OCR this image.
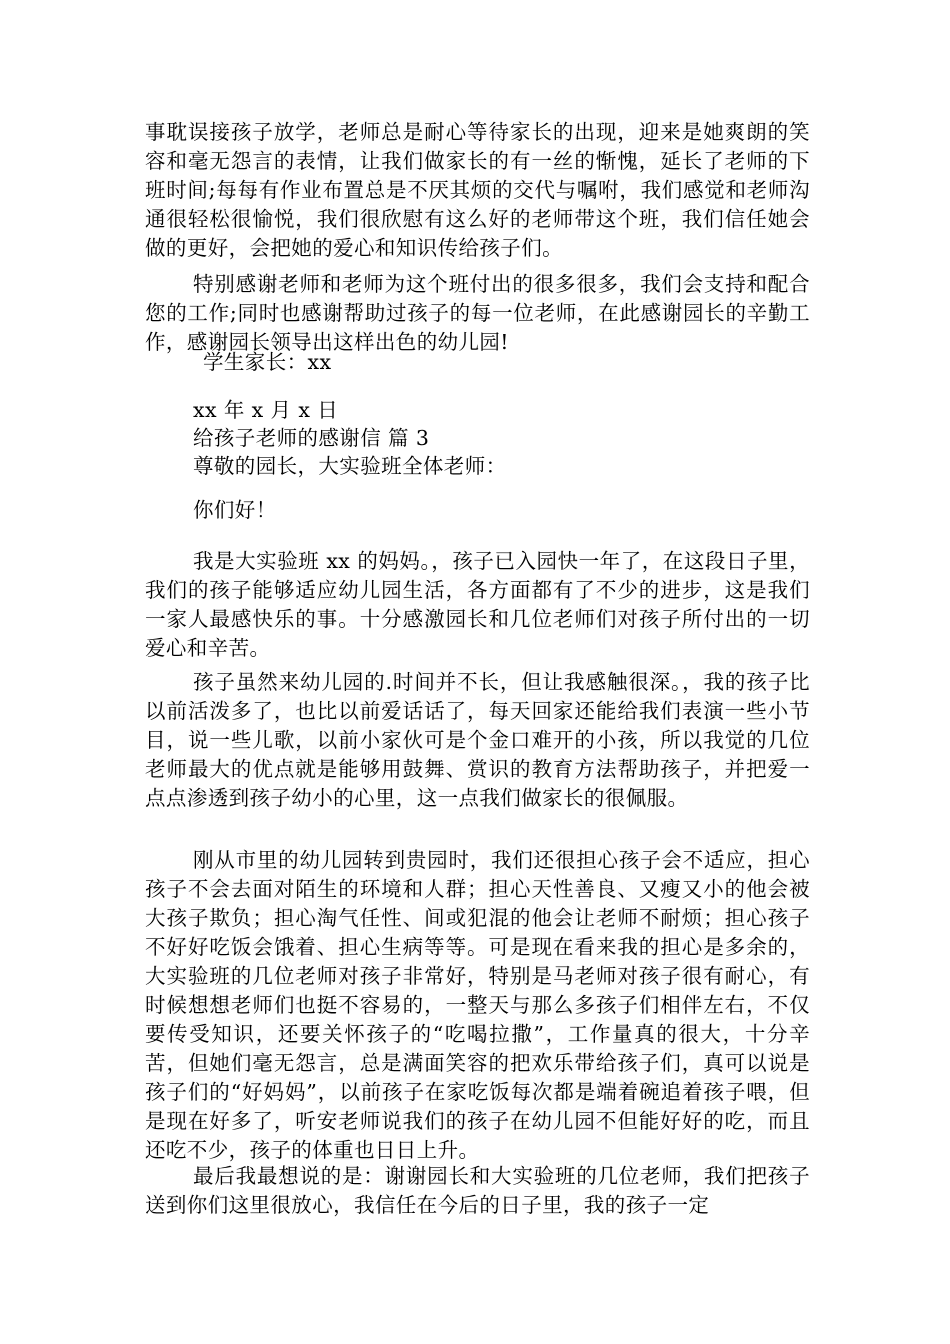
事耽误接孩子放学，老师总是耐心等待家长的出现，迎来是她爽朗的笑容和毫无怨言的表情，让我们做家长的有一丝的惭愧，延长了老师的下班时间;每每有作业布置总是不厌其烦的交代与嘱咐，我们感觉和老师沟通很轻松很愉悦，我们很欣慰有这么好的老师带这个班，我们信任她会做的更好，会把她的爱心和知识传给孩子们。
特别感谢老师和老师为这个班付出的很多很多，我们会支持和配合您的工作;同时也感谢帮助过孩子的每一位老师，在此感谢园长的辛勤工作，感谢园长领导出这样出色的幼儿园!
学生家长：xx
xx 年 x 月 x 日
给孩子老师的感谢信 篇 3
尊敬的园长，大实验班全体老师：
你们好！
我是大实验班 xx 的妈妈。，孩子已入园快一年了，在这段日子里，我们的孩子能够适应幼儿园生活，各方面都有了不少的进步，这是我们一家人最感快乐的事。十分感激园长和几位老师们对孩子所付出的一切爱心和辛苦。
孩子虽然来幼儿园的.时间并不长，但让我感触很深。，我的孩子比以前活泼多了，也比以前爱话话了，每天回家还能给我们表演一些小节目，说一些儿歌，以前小家伙可是个金口难开的小孩，所以我觉的几位老师最大的优点就是能够用鼓舞、赏识的教育方法帮助孩子，并把爱一点点渗透到孩子幼小的心里，这一点我们做家长的很佩服。
刚从市里的幼儿园转到贵园时，我们还很担心孩子会不适应，担心孩子不会去面对陌生的环境和人群；担心天性善良、又瘦又小的他会被大孩子欺负；担心淘气任性、间或犯混的他会让老师不耐烦；担心孩子不好好吃饭会饿着、担心生病等等。可是现在看来我的担心是多余的，大实验班的几位老师对孩子非常好，特别是马老师对孩子很有耐心，有时候想想老师们也挺不容易的，一整天与那么多孩子们相伴左右，不仅要传受知识，还要关怀孩子的“吃喝拉撒”，工作量真的很大，十分辛苦，但她们毫无怨言，总是满面笑容的把欢乐带给孩子们，真可以说是孩子们的“好妈妈”，以前孩子在家吃饭每次都是端着碗追着孩子喂，但是现在好多了，听安老师说我们的孩子在幼儿园不但能好好的吃，而且还吃不少，孩子的体重也日日上升。
最后我最想说的是：谢谢园长和大实验班的几位老师，我们把孩子送到你们这里很放心，我信任在今后的日子里，我的孩子一定
